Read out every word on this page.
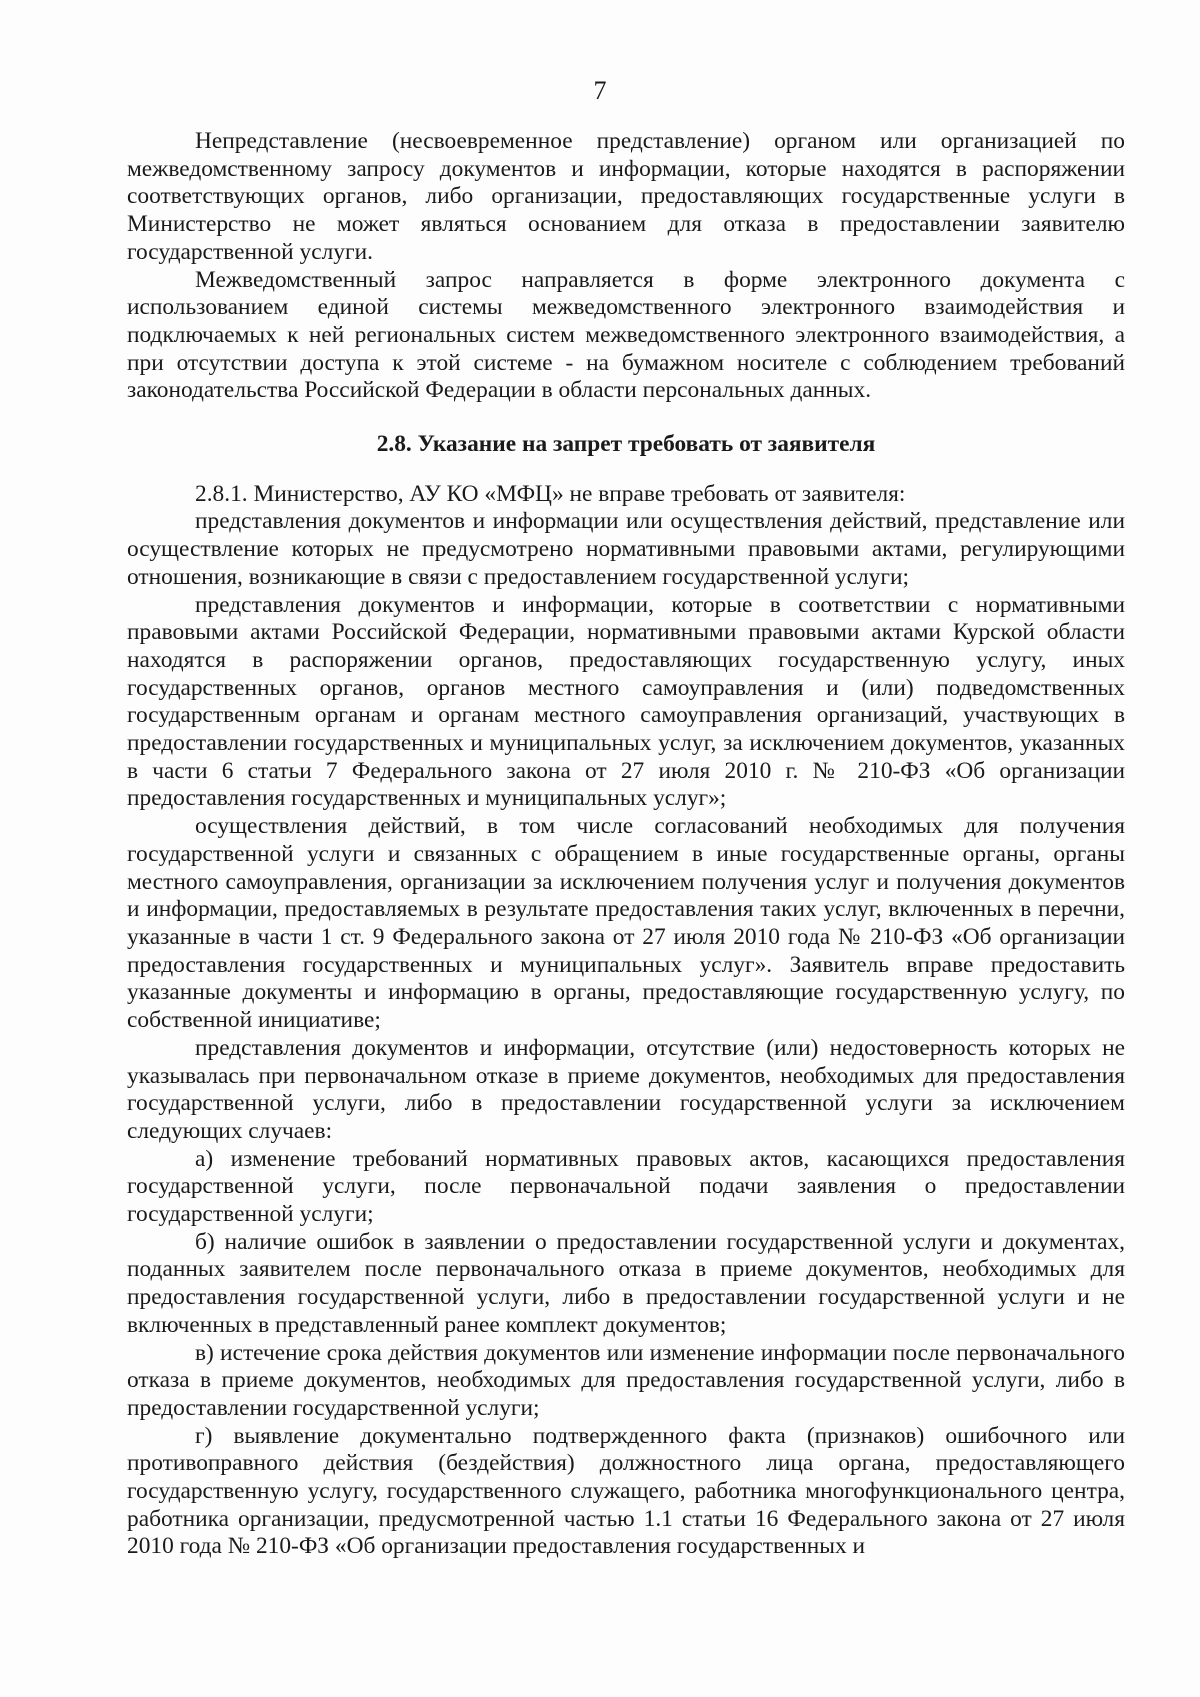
7

Непредставление (несвоевременное представление) органом или организацией по межведомственному запросу документов и информации, которые находятся в распоряжении соответствующих органов, либо организации, предоставляющих государственные услуги в Министерство не может являться основанием для отказа в предоставлении заявителю государственной услуги.

Межведомственный запрос направляется в форме электронного документа с использованием единой системы межведомственного электронного взаимодействия и подключаемых к ней региональных систем межведомственного электронного взаимодействия, а при отсутствии доступа к этой системе - на бумажном носителе с соблюдением требований законодательства Российской Федерации в области персональных данных.

2.8. Указание на запрет требовать от заявителя

2.8.1. Министерство, АУ КО «МФЦ» не вправе требовать от заявителя:

представления документов и информации или осуществления действий, представление или осуществление которых не предусмотрено нормативными правовыми актами, регулирующими отношения, возникающие в связи с предоставлением государственной услуги;

представления документов и информации, которые в соответствии с нормативными правовыми актами Российской Федерации, нормативными правовыми актами Курской области находятся в распоряжении органов, предоставляющих государственную услугу, иных государственных органов, органов местного самоуправления и (или) подведомственных государственным органам и органам местного самоуправления организаций, участвующих в предоставлении государственных и муниципальных услуг, за исключением документов, указанных в части 6 статьи 7 Федерального закона от 27 июля 2010 г. № 210-ФЗ «Об организации предоставления государственных и муниципальных услуг»;

осуществления действий, в том числе согласований необходимых для получения государственной услуги и связанных с обращением в иные государственные органы, органы местного самоуправления, организации за исключением получения услуг и получения документов и информации, предоставляемых в результате предоставления таких услуг, включенных в перечни, указанные в части 1 ст. 9 Федерального закона от 27 июля 2010 года № 210-ФЗ «Об организации предоставления государственных и муниципальных услуг». Заявитель вправе предоставить указанные документы и информацию в органы, предоставляющие государственную услугу, по собственной инициативе;

представления документов и информации, отсутствие (или) недостоверность которых не указывалась при первоначальном отказе в приеме документов, необходимых для предоставления государственной услуги, либо в предоставлении государственной услуги за исключением следующих случаев:

а) изменение требований нормативных правовых актов, касающихся предоставления государственной услуги, после первоначальной подачи заявления о предоставлении государственной услуги;

б) наличие ошибок в заявлении о предоставлении государственной услуги и документах, поданных заявителем после первоначального отказа в приеме документов, необходимых для предоставления государственной услуги, либо в предоставлении государственной услуги и не включенных в представленный ранее комплект документов;

в) истечение срока действия документов или изменение информации после первоначального отказа в приеме документов, необходимых для предоставления государственной услуги, либо в предоставлении государственной услуги;

г) выявление документально подтвержденного факта (признаков) ошибочного или противоправного действия (бездействия) должностного лица органа, предоставляющего государственную услугу, государственного служащего, работника многофункционального центра, работника организации, предусмотренной частью 1.1 статьи 16 Федерального закона от 27 июля 2010 года № 210-ФЗ «Об организации предоставления государственных и
